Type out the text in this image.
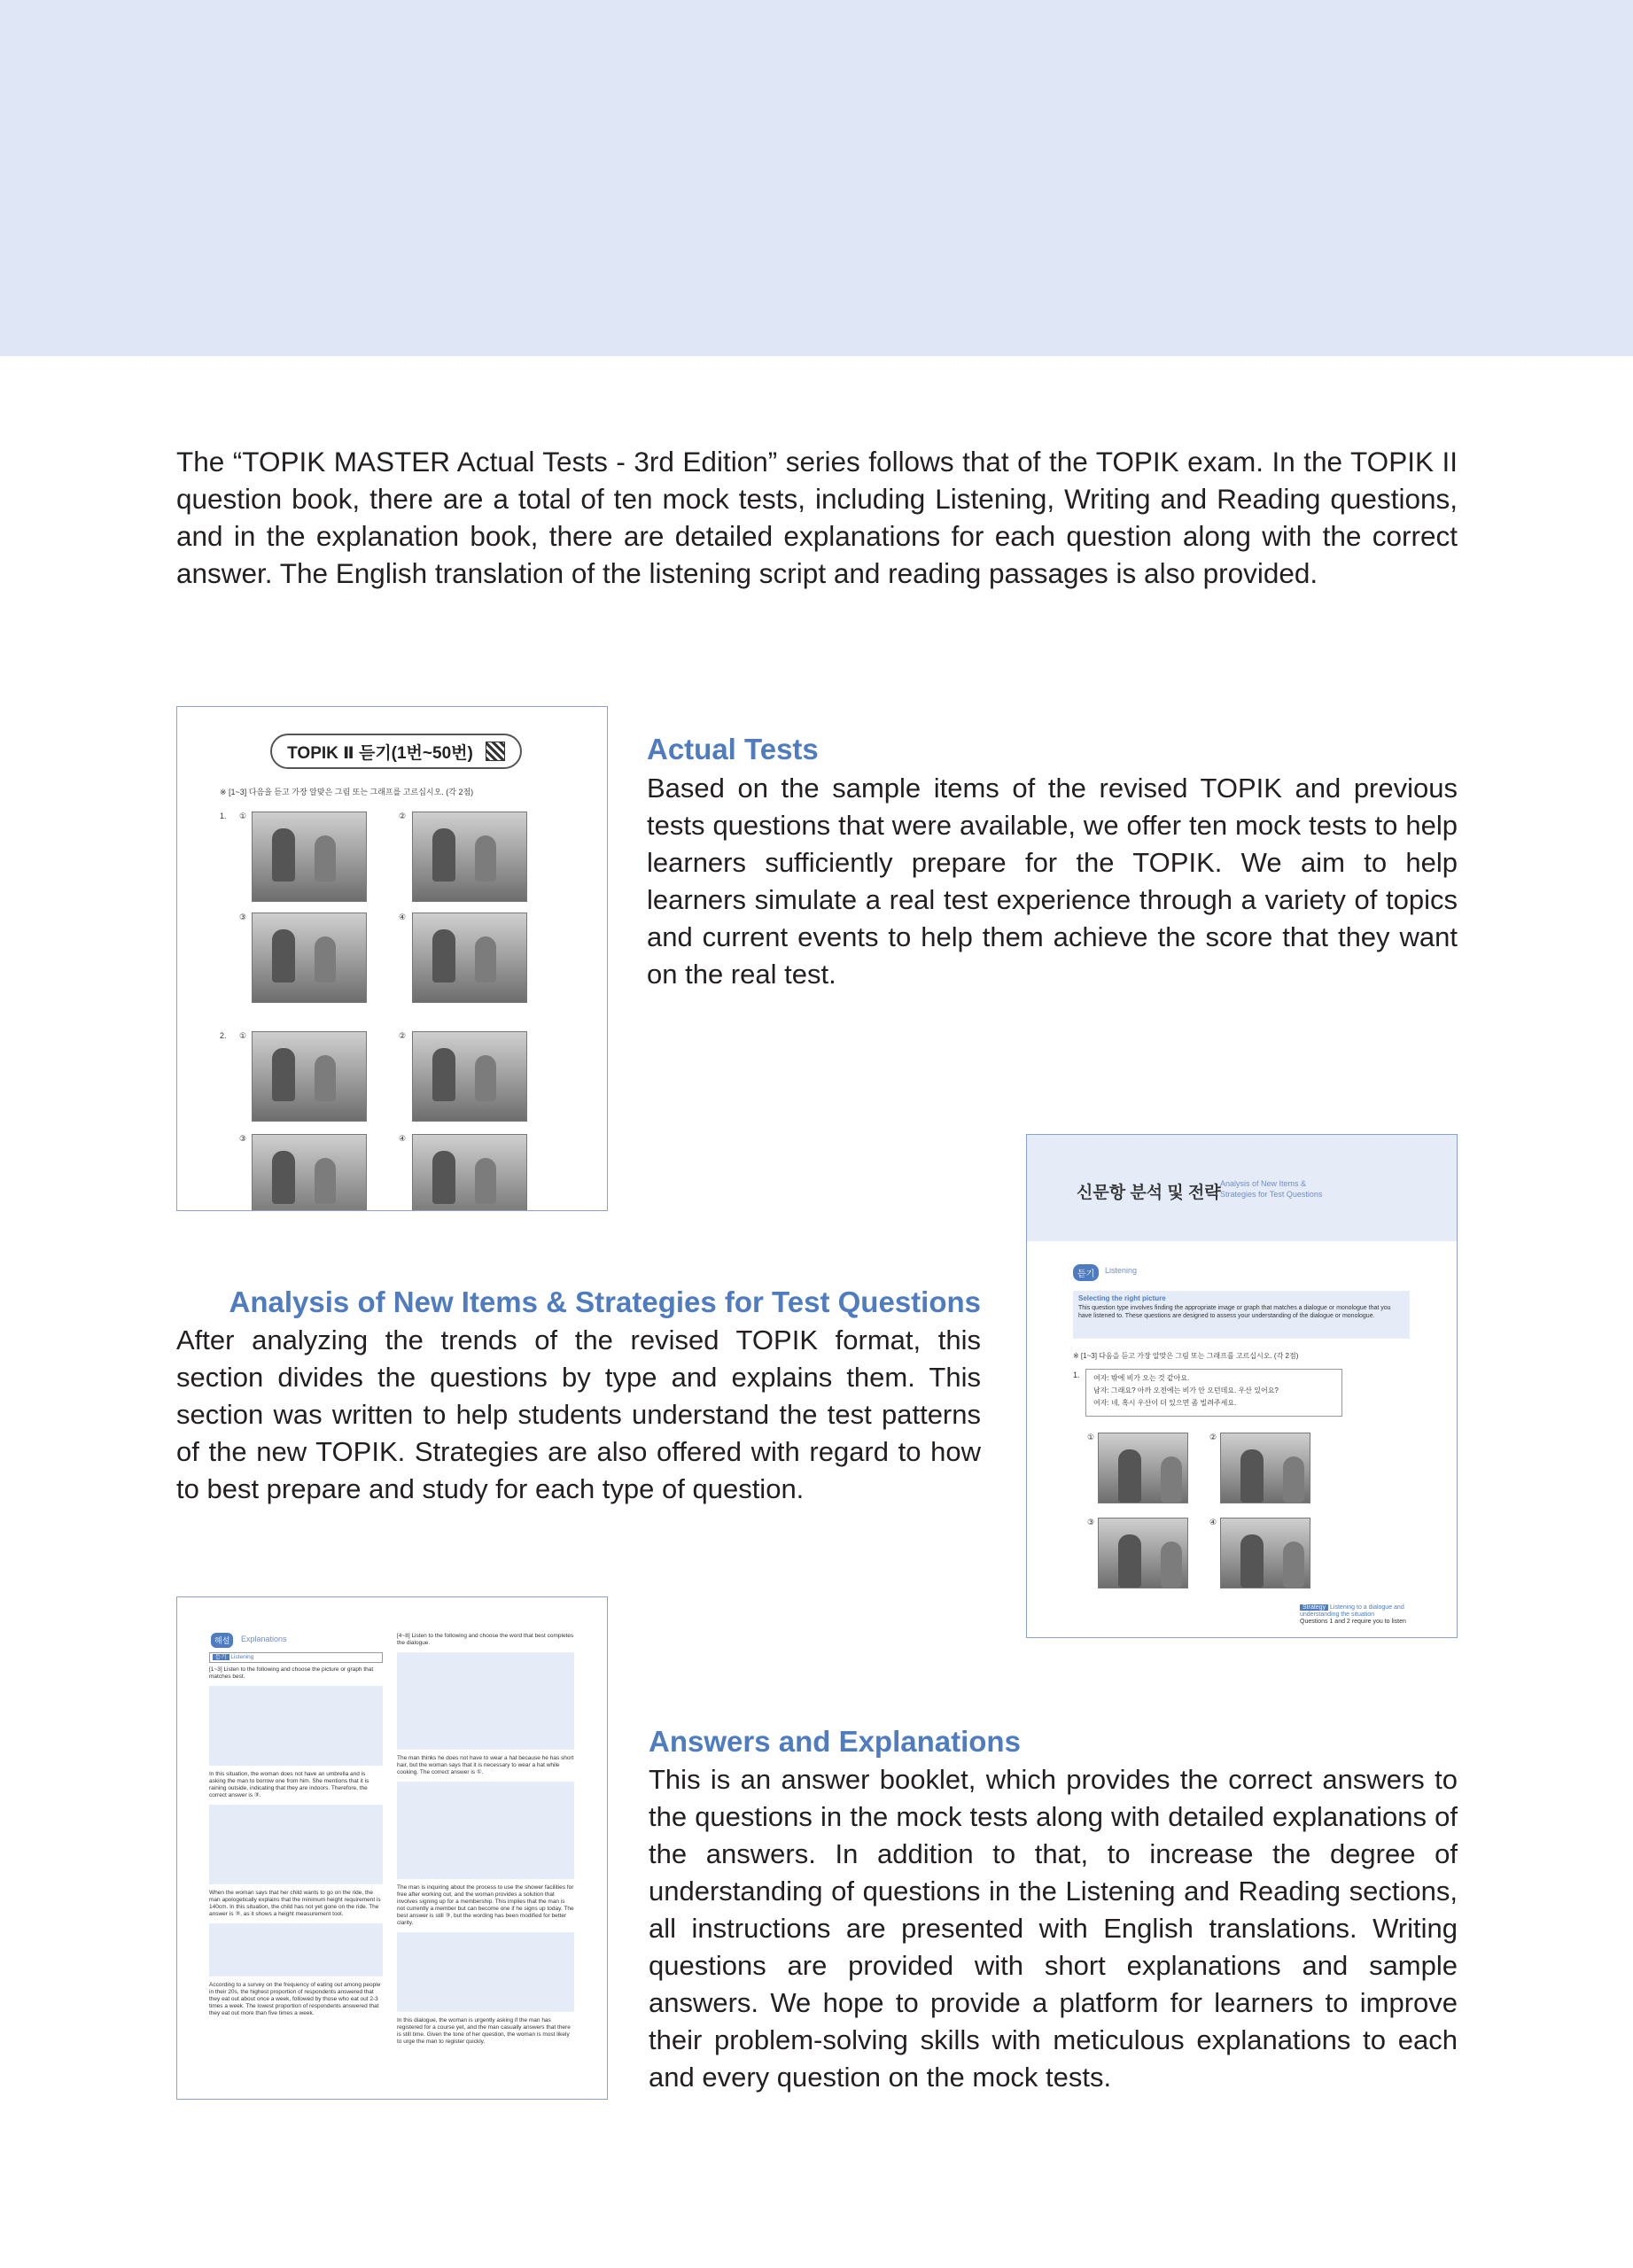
The “TOPIK MASTER Actual Tests - 3rd Edition” series follows that of the TOPIK exam. In the TOPIK II question book, there are a total of ten mock tests, including Listening, Writing and Reading questions, and in the explanation book, there are detailed explanations for each question along with the correct answer. The English translation of the listening script and reading passages is also provided.

TOPIK Ⅱ 듣기(1번~50번)
※ [1~3] 다음을 듣고 가장 알맞은 그림 또는 그래프를 고르십시오. (각 2점)
1. ①	②
③	④
2. ①	②
③	④
Actual Tests

Based on the sample items of the revised TOPIK and previous tests questions that were available, we offer ten mock tests to help learners sufficiently prepare for the TOPIK. We aim to help learners simulate a real test experience through a variety of topics and current events to help them achieve the score that they want on the real test.

신문항 분석 및 전략 Analysis of New Items &
Strategies for Test Questions
듣기	Listening
Selecting the right picture
This question type involves finding the appropriate image or graph that matches a dialogue or monologue that you have listened to. These questions are designed to assess your understanding of the dialogue or monologue.
※ [1~3] 다음을 듣고 가장 알맞은 그림 또는 그래프를 고르십시오. (각 2점)
1. 여자: 밖에 비가 오는 것 같아요.
남자: 그래요? 아까 오전에는 비가 안 오던데요. 우산 있어요?
여자: 네, 혹시 우산이 더 있으면 좀 빌려주세요.
①	②
③	④
Strategy Listening to a dialogue and
understanding the situation
Questions 1 and 2 require you to listen
Analysis of New Items & Strategies for Test Questions

After analyzing the trends of the revised TOPIK format, this section divides the questions by type and explains them. This section was written to help students understand the test patterns of the new TOPIK. Strategies are also offered with regard to how to best prepare and study for each type of question.

해설	Explanations
듣기 Listening
[1~3] Listen to the following and choose the picture or graph that matches best.
In this situation, the woman does not have an umbrella and is asking the man to borrow one from him. She mentions that it is raining outside, indicating that they are indoors. Therefore, the correct answer is ③.
When the woman says that her child wants to go on the ride, the man apologetically explains that the minimum height requirement is 140cm. In this situation, the child has not yet gone on the ride. The answer is ③, as it shows a height measurement tool.
According to a survey on the frequency of eating out among people in their 20s, the highest proportion of respondents answered that they eat out about once a week, followed by those who eat out 2-3 times a week. The lowest proportion of respondents answered that they eat out more than five times a week.
[4~8] Listen to the following and choose the word that best completes the dialogue.
The man thinks he does not have to wear a hat because he has short hair, but the woman says that it is necessary to wear a hat while cooking. The correct answer is ①.
The man is inquiring about the process to use the shower facilities for free after working out, and the woman provides a solution that involves signing up for a membership. This implies that the man is not currently a member but can become one if he signs up today. The best answer is still ③, but the wording has been modified for better clarity.
In this dialogue, the woman is urgently asking if the man has registered for a course yet, and the man casually answers that there is still time. Given the tone of her question, the woman is most likely to urge the man to register quickly.
Answers and Explanations

This is an answer booklet, which provides the correct answers to the questions in the mock tests along with detailed explanations of the answers. In addition to that, to increase the degree of understanding of questions in the Listening and Reading sections, all instructions are presented with English translations. Writing questions are provided with short explanations and sample answers. We hope to provide a platform for learners to improve their problem-solving skills with meticulous explanations to each and every question on the mock tests.
